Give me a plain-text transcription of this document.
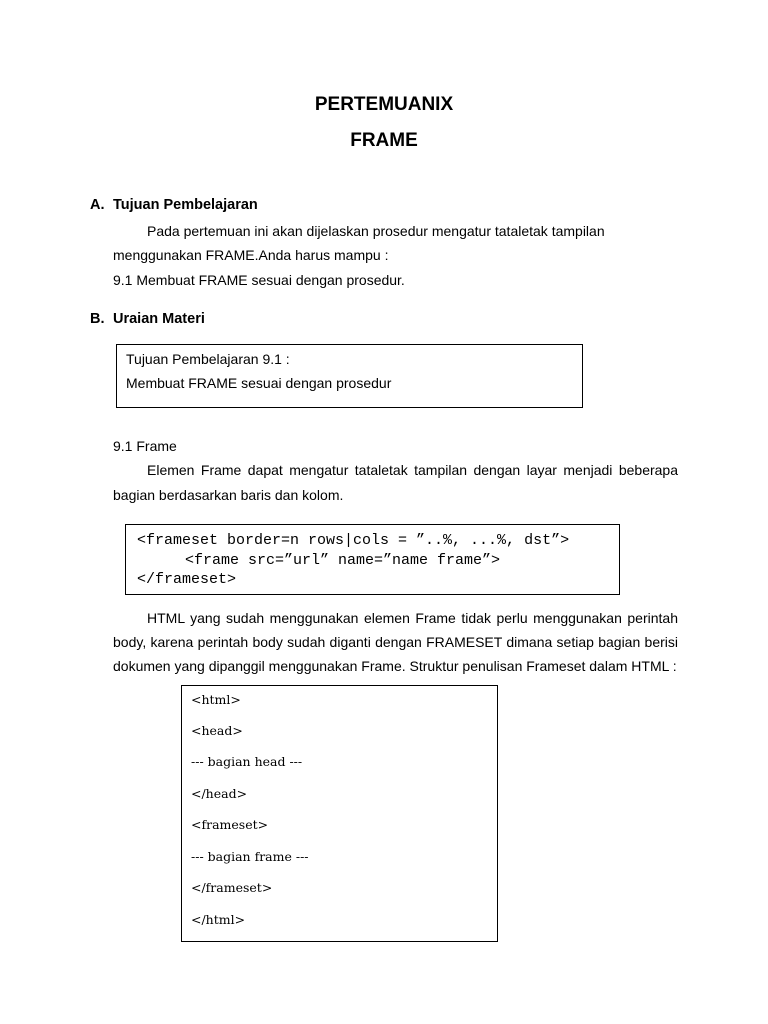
PERTEMUANIX
FRAME
A. Tujuan Pembelajaran
Pada pertemuan ini akan dijelaskan prosedur mengatur tataletak tampilan
menggunakan FRAME.Anda harus mampu :
9.1 Membuat FRAME sesuai dengan prosedur.
B. Uraian Materi
Tujuan Pembelajaran 9.1 :
Membuat FRAME sesuai dengan prosedur
9.1 Frame
Elemen Frame dapat mengatur tataletak tampilan dengan layar menjadi beberapa
bagian berdasarkan baris dan kolom.
<frameset border=n rows|cols = ”..%, ...%, dst”>
<frame src=”url” name=”name frame”>
</frameset>
HTML yang sudah menggunakan elemen Frame tidak perlu menggunakan perintah
body, karena perintah body sudah diganti dengan FRAMESET dimana setiap bagian berisi
dokumen yang dipanggil menggunakan Frame. Struktur penulisan Frameset dalam HTML :
<html>
<head>
--- bagian head ---
</head>
<frameset>
--- bagian frame ---
</frameset>
</html>
